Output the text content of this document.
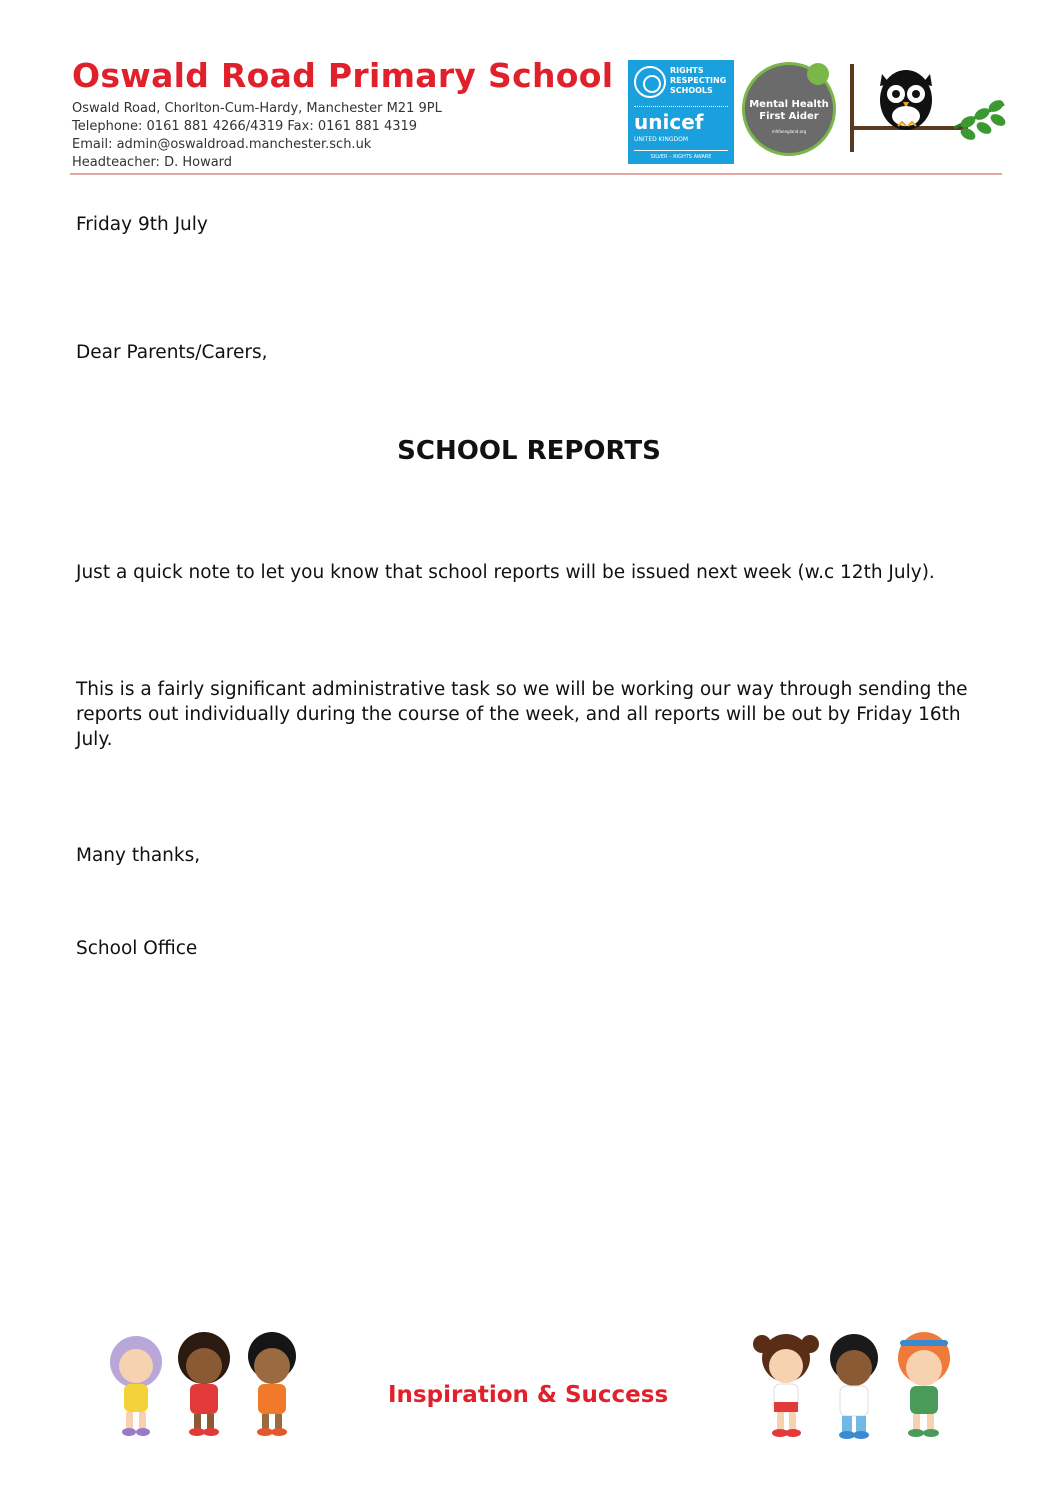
Oswald Road Primary School
Oswald Road, Chorlton-Cum-Hardy, Manchester M21 9PL
Telephone: 0161 881 4266/4319 Fax: 0161 881 4319
Email: admin@oswaldroad.manchester.sch.uk
Headteacher: D. Howard
RIGHTS
RESPECTING
SCHOOLS
unicef
UNITED KINGDOM
SILVER – RIGHTS AWARE
Mental Health
First Aider
mhfaengland.org
Friday 9th July
Dear Parents/Carers,
SCHOOL REPORTS
Just a quick note to let you know that school reports will be issued next week (w.c 12th July).
This is a fairly significant administrative task so we will be working our way through sending the reports out individually during the course of the week, and all reports will be out by Friday 16th July.
Many thanks,
School Office
Inspiration & Success
